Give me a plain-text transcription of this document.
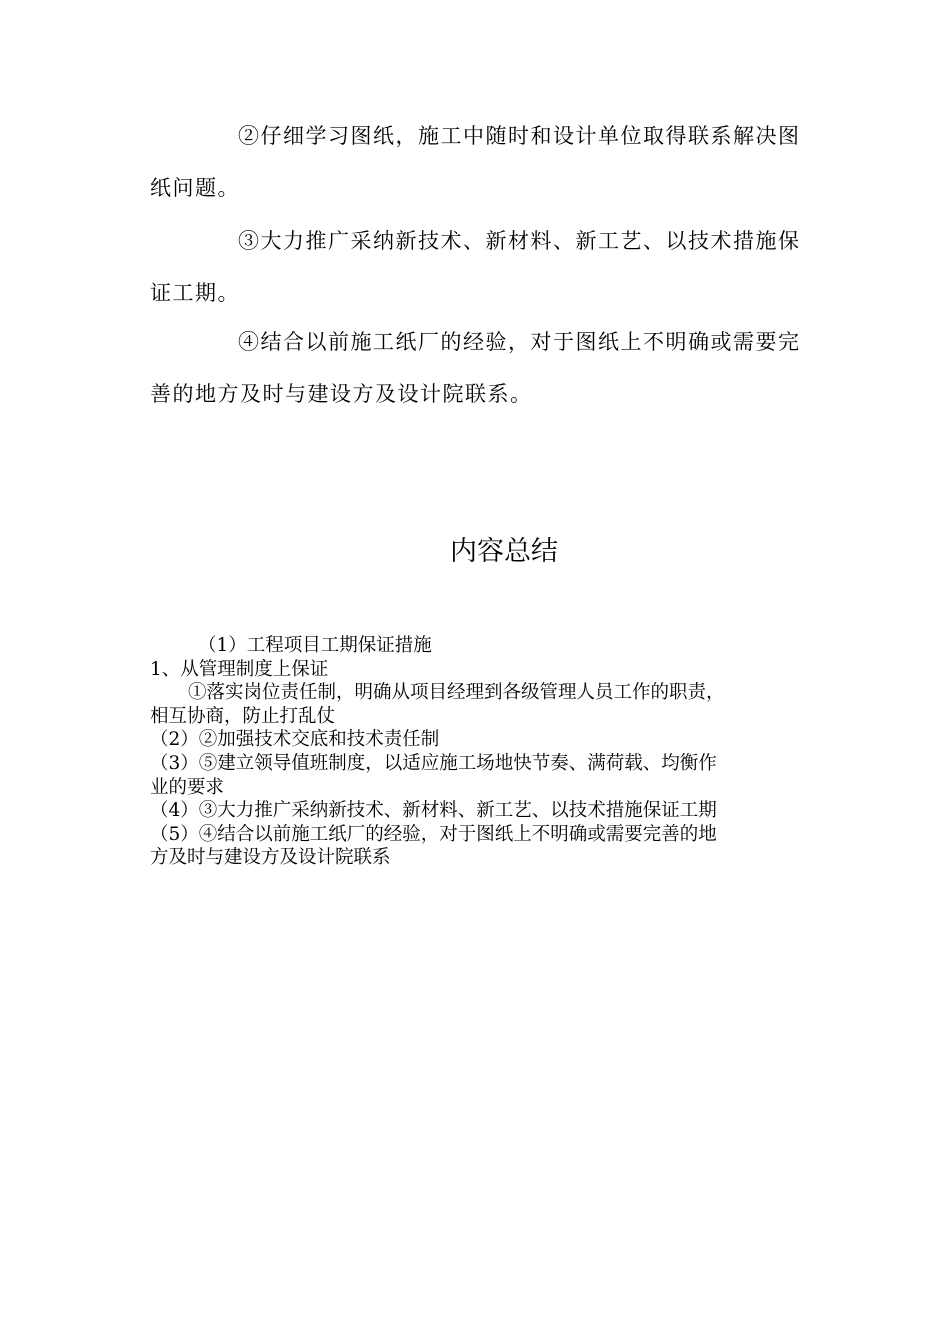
②仔细学习图纸，施工中随时和设计单位取得联系解决图
纸问题。

③大力推广采纳新技术、新材料、新工艺、以技术措施保
证工期。

④结合以前施工纸厂的经验，对于图纸上不明确或需要完
善的地方及时与建设方及设计院联系。

内容总结
（1）工程项目工期保证措施
1、从管理制度上保证
①落实岗位责任制，明确从项目经理到各级管理人员工作的职责，
相互协商，防止打乱仗
（2）②加强技术交底和技术责任制
（3）⑤建立领导值班制度，以适应施工场地快节奏、满荷载、均衡作
业的要求
（4）③大力推广采纳新技术、新材料、新工艺、以技术措施保证工期
（5）④结合以前施工纸厂的经验，对于图纸上不明确或需要完善的地
方及时与建设方及设计院联系
